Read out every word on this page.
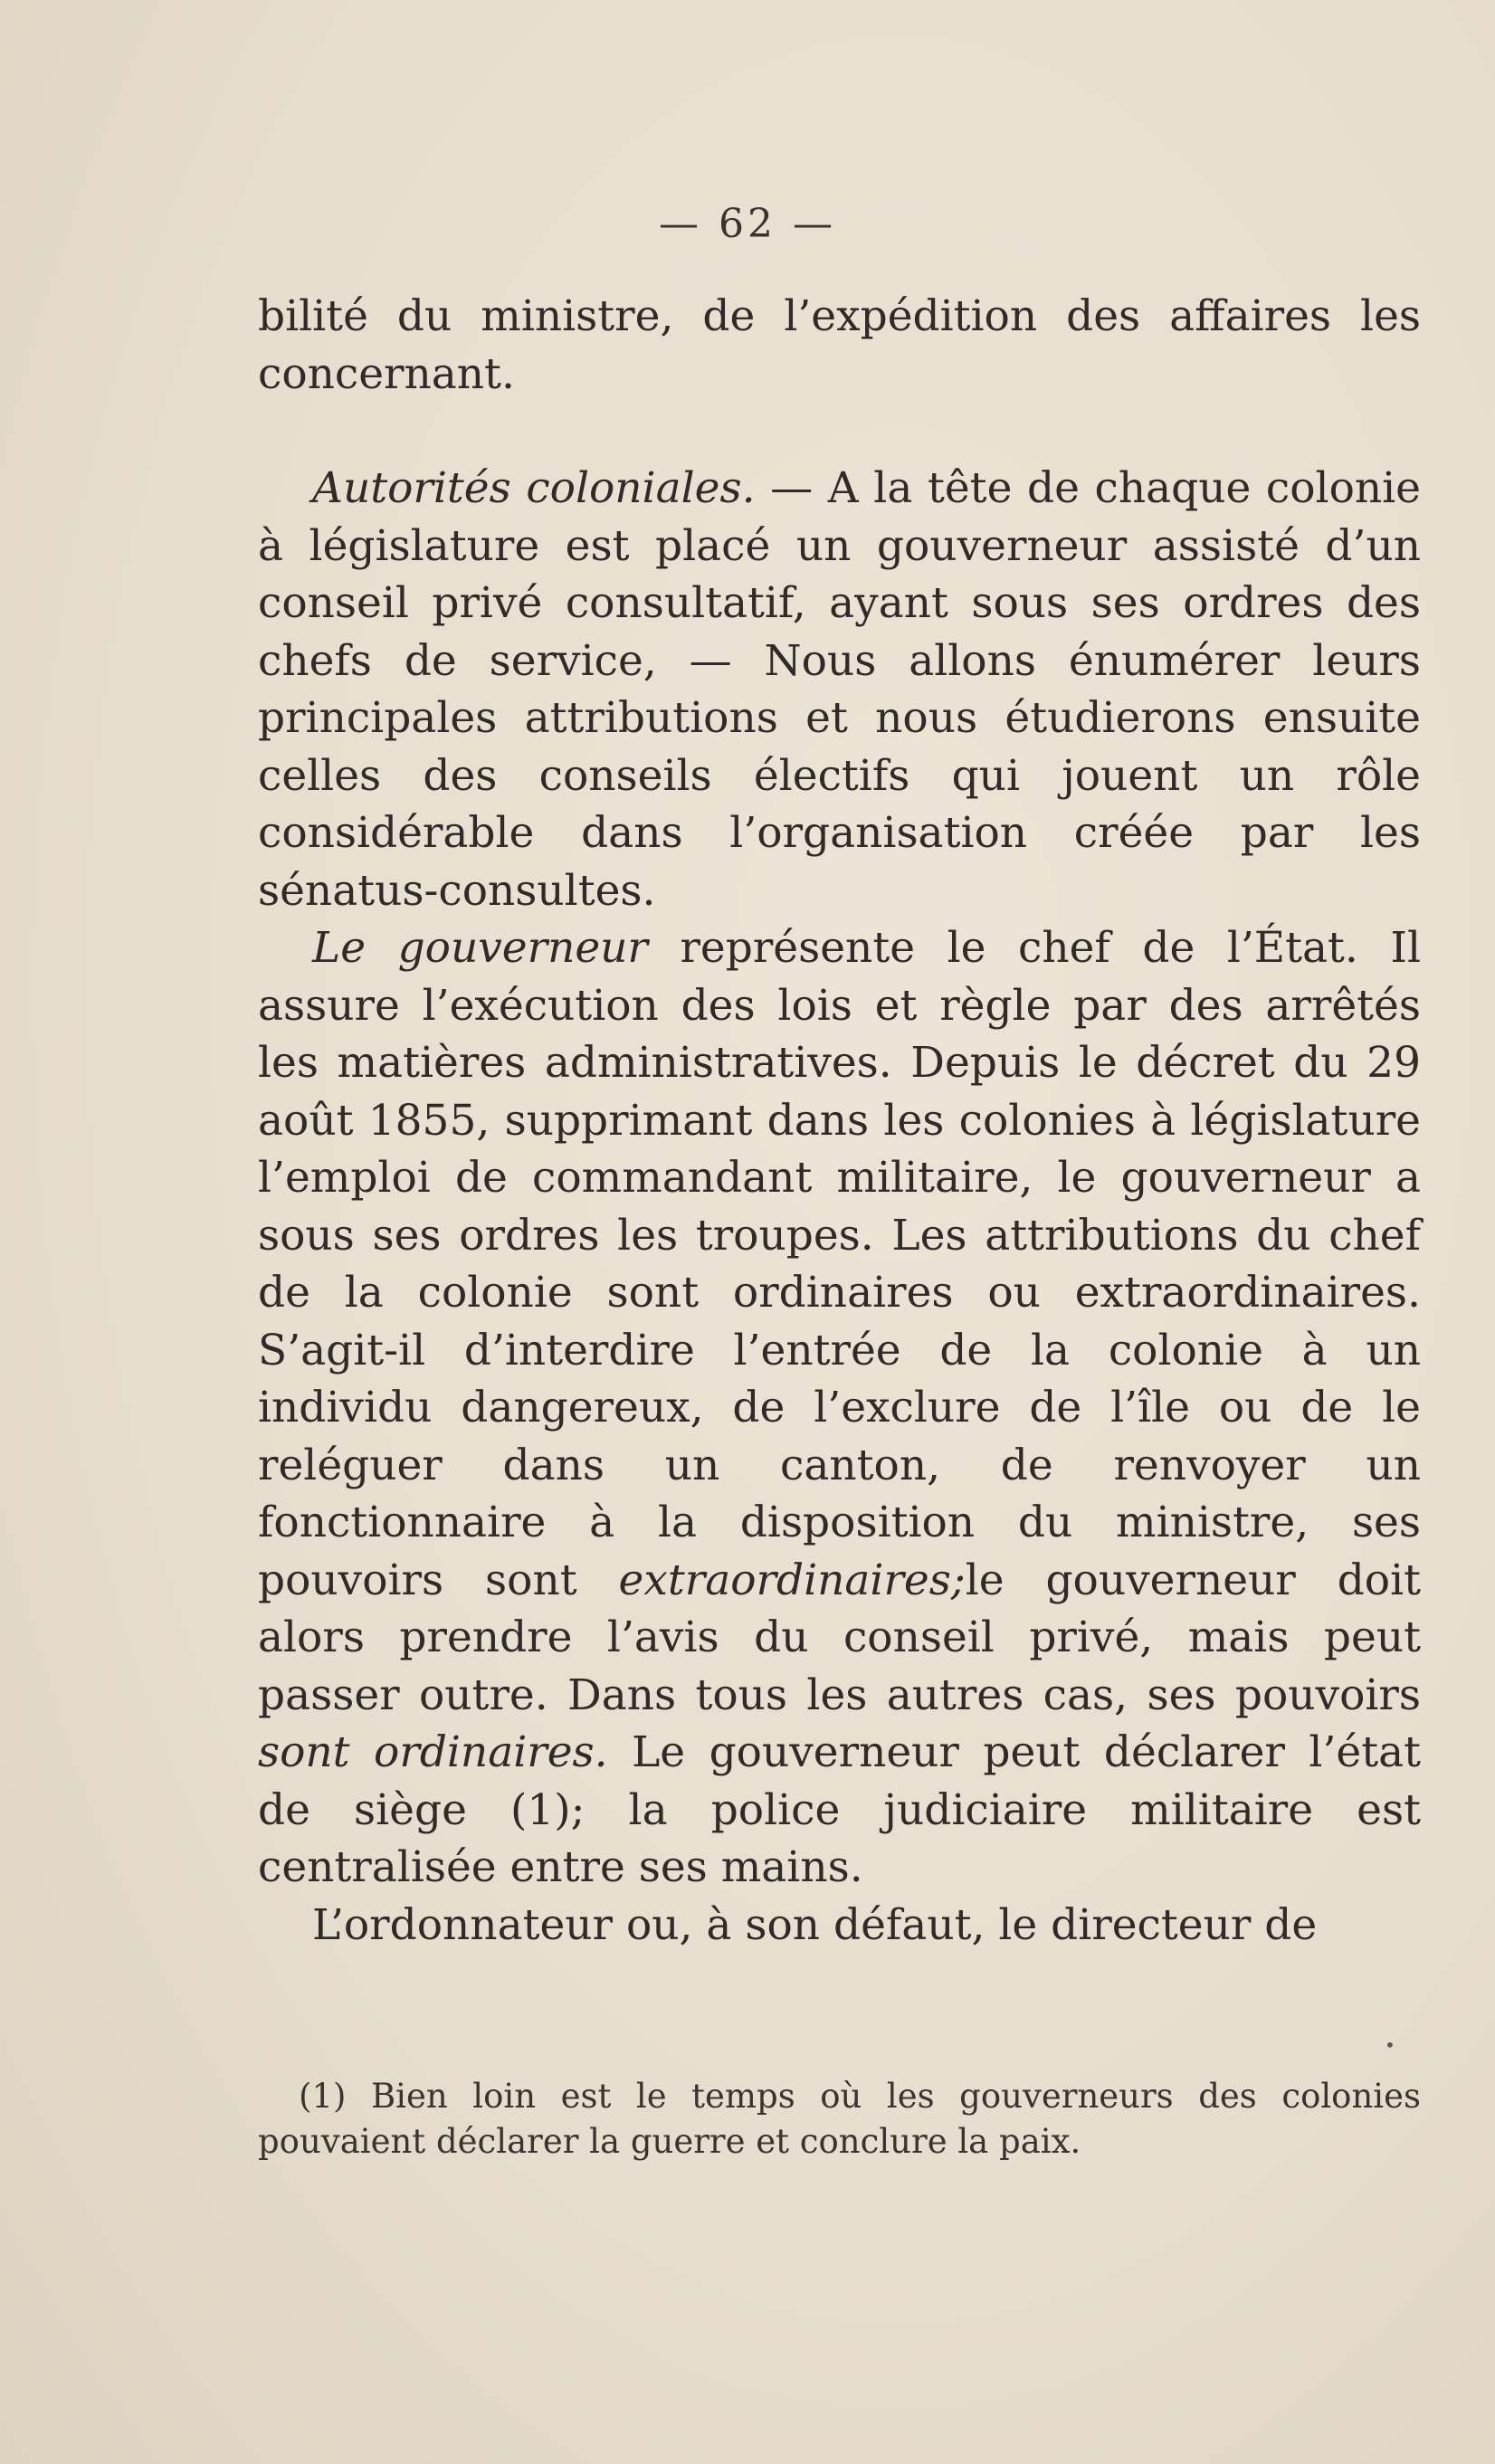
— 62 —

bilité du ministre, de l’expédition des affaires les concernant.

Autorités coloniales. — A la tête de chaque colonie à législature est placé un gouverneur assisté d’un conseil privé consultatif, ayant sous ses ordres des chefs de service, — Nous allons énumérer leurs principales attributions et nous étudierons ensuite celles des conseils électifs qui jouent un rôle considérable dans l’organisation créée par les sénatus-consultes.

Le gouverneur représente le chef de l’État. Il assure l’exécution des lois et règle par des arrêtés les matières administratives. Depuis le décret du 29 août 1855, supprimant dans les colonies à législature l’emploi de commandant militaire, le gouverneur a sous ses ordres les troupes. Les attributions du chef de la colonie sont ordinaires ou extraordinaires. S’agit-il d’interdire l’entrée de la colonie à un individu dangereux, de l’exclure de l’île ou de le reléguer dans un canton, de renvoyer un fonctionnaire à la disposition du ministre, ses pouvoirs sont extraordinaires;le gouverneur doit alors prendre l’avis du conseil privé, mais peut passer outre. Dans tous les autres cas, ses pouvoirs sont ordinaires. Le gouverneur peut déclarer l’état de siège (1); la police judiciaire militaire est centralisée entre ses mains.

L’ordonnateur ou, à son défaut, le directeur de

•

(1) Bien loin est le temps où les gouverneurs des colonies pouvaient déclarer la guerre et conclure la paix.
